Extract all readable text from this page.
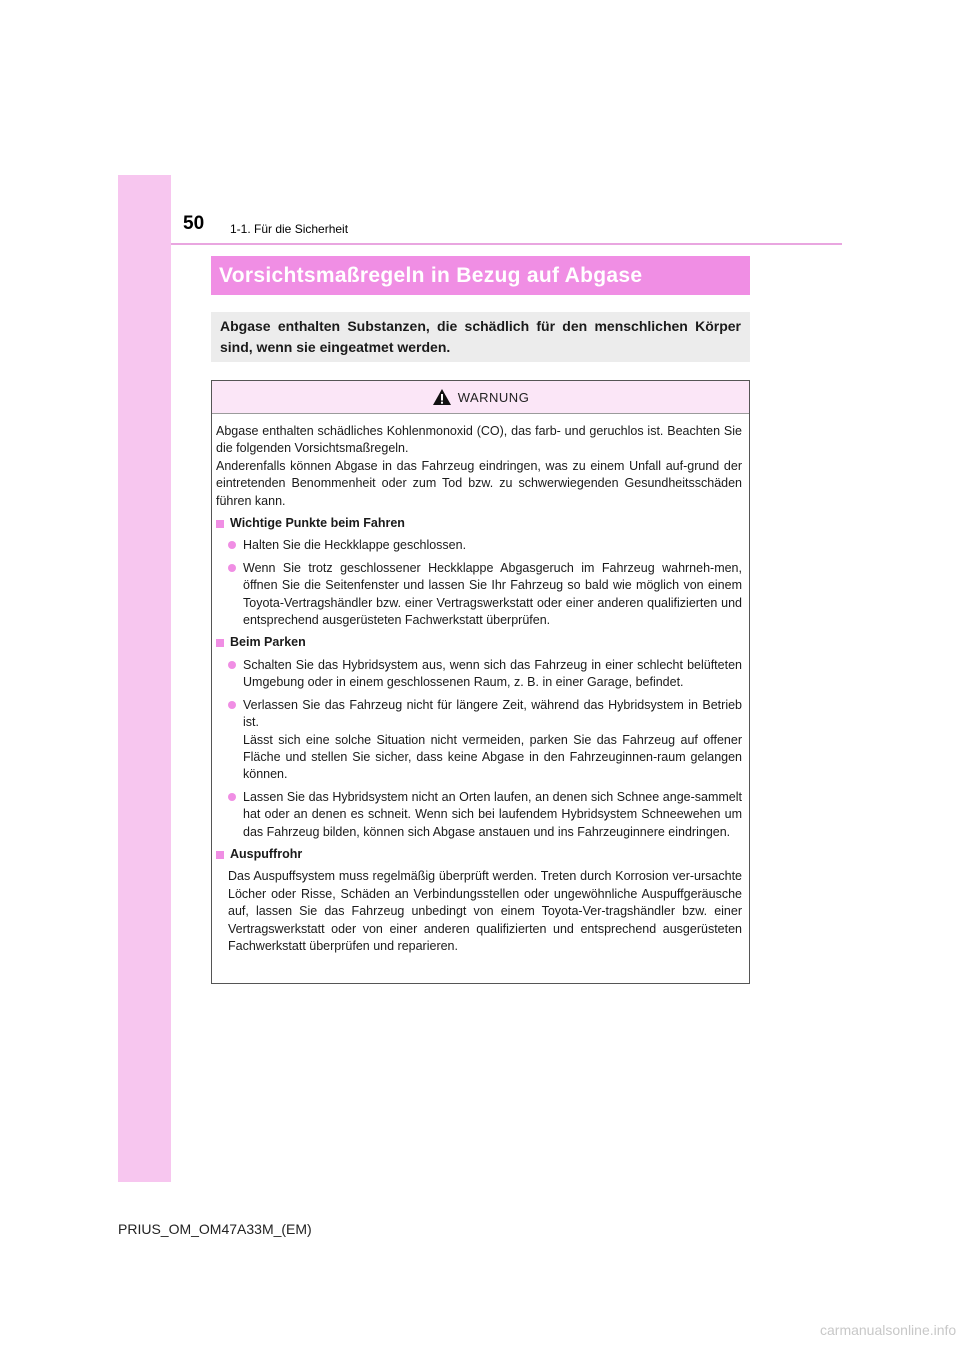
50 1-1. Für die Sicherheit
Vorsichtsmaßregeln in Bezug auf Abgase
Abgase enthalten Substanzen, die schädlich für den menschlichen Körper sind, wenn sie eingeatmet werden.
WARNUNG

Abgase enthalten schädliches Kohlenmonoxid (CO), das farb- und geruchlos ist. Beachten Sie die folgenden Vorsichtsmaßregeln.

Anderenfalls können Abgase in das Fahrzeug eindringen, was zu einem Unfall auf-grund der eintretenden Benommenheit oder zum Tod bzw. zu schwerwiegenden Gesundheitsschäden führen kann.

Wichtige Punkte beim Fahren
Halten Sie die Heckklappe geschlossen.
Wenn Sie trotz geschlossener Heckklappe Abgasgeruch im Fahrzeug wahrneh-men, öffnen Sie die Seitenfenster und lassen Sie Ihr Fahrzeug so bald wie möglich von einem Toyota-Vertragshändler bzw. einer Vertragswerkstatt oder einer anderen qualifizierten und entsprechend ausgerüsteten Fachwerkstatt überprüfen.
Beim Parken
Schalten Sie das Hybridsystem aus, wenn sich das Fahrzeug in einer schlecht belüfteten Umgebung oder in einem geschlossenen Raum, z. B. in einer Garage, befindet.
Verlassen Sie das Fahrzeug nicht für längere Zeit, während das Hybridsystem in Betrieb ist.
Lässt sich eine solche Situation nicht vermeiden, parken Sie das Fahrzeug auf offener Fläche und stellen Sie sicher, dass keine Abgase in den Fahrzeuginnen-raum gelangen können.
Lassen Sie das Hybridsystem nicht an Orten laufen, an denen sich Schnee ange-sammelt hat oder an denen es schneit. Wenn sich bei laufendem Hybridsystem Schneewehen um das Fahrzeug bilden, können sich Abgase anstauen und ins Fahrzeuginnere eindringen.
Auspuffrohr

Das Auspuffsystem muss regelmäßig überprüft werden. Treten durch Korrosion ver-ursachte Löcher oder Risse, Schäden an Verbindungsstellen oder ungewöhnliche Auspuffgeräusche auf, lassen Sie das Fahrzeug unbedingt von einem Toyota-Ver-tragshändler bzw. einer Vertragswerkstatt oder von einer anderen qualifizierten und entsprechend ausgerüsteten Fachwerkstatt überprüfen und reparieren.

PRIUS_OM_OM47A33M_(EM)
carmanualsonline.info
